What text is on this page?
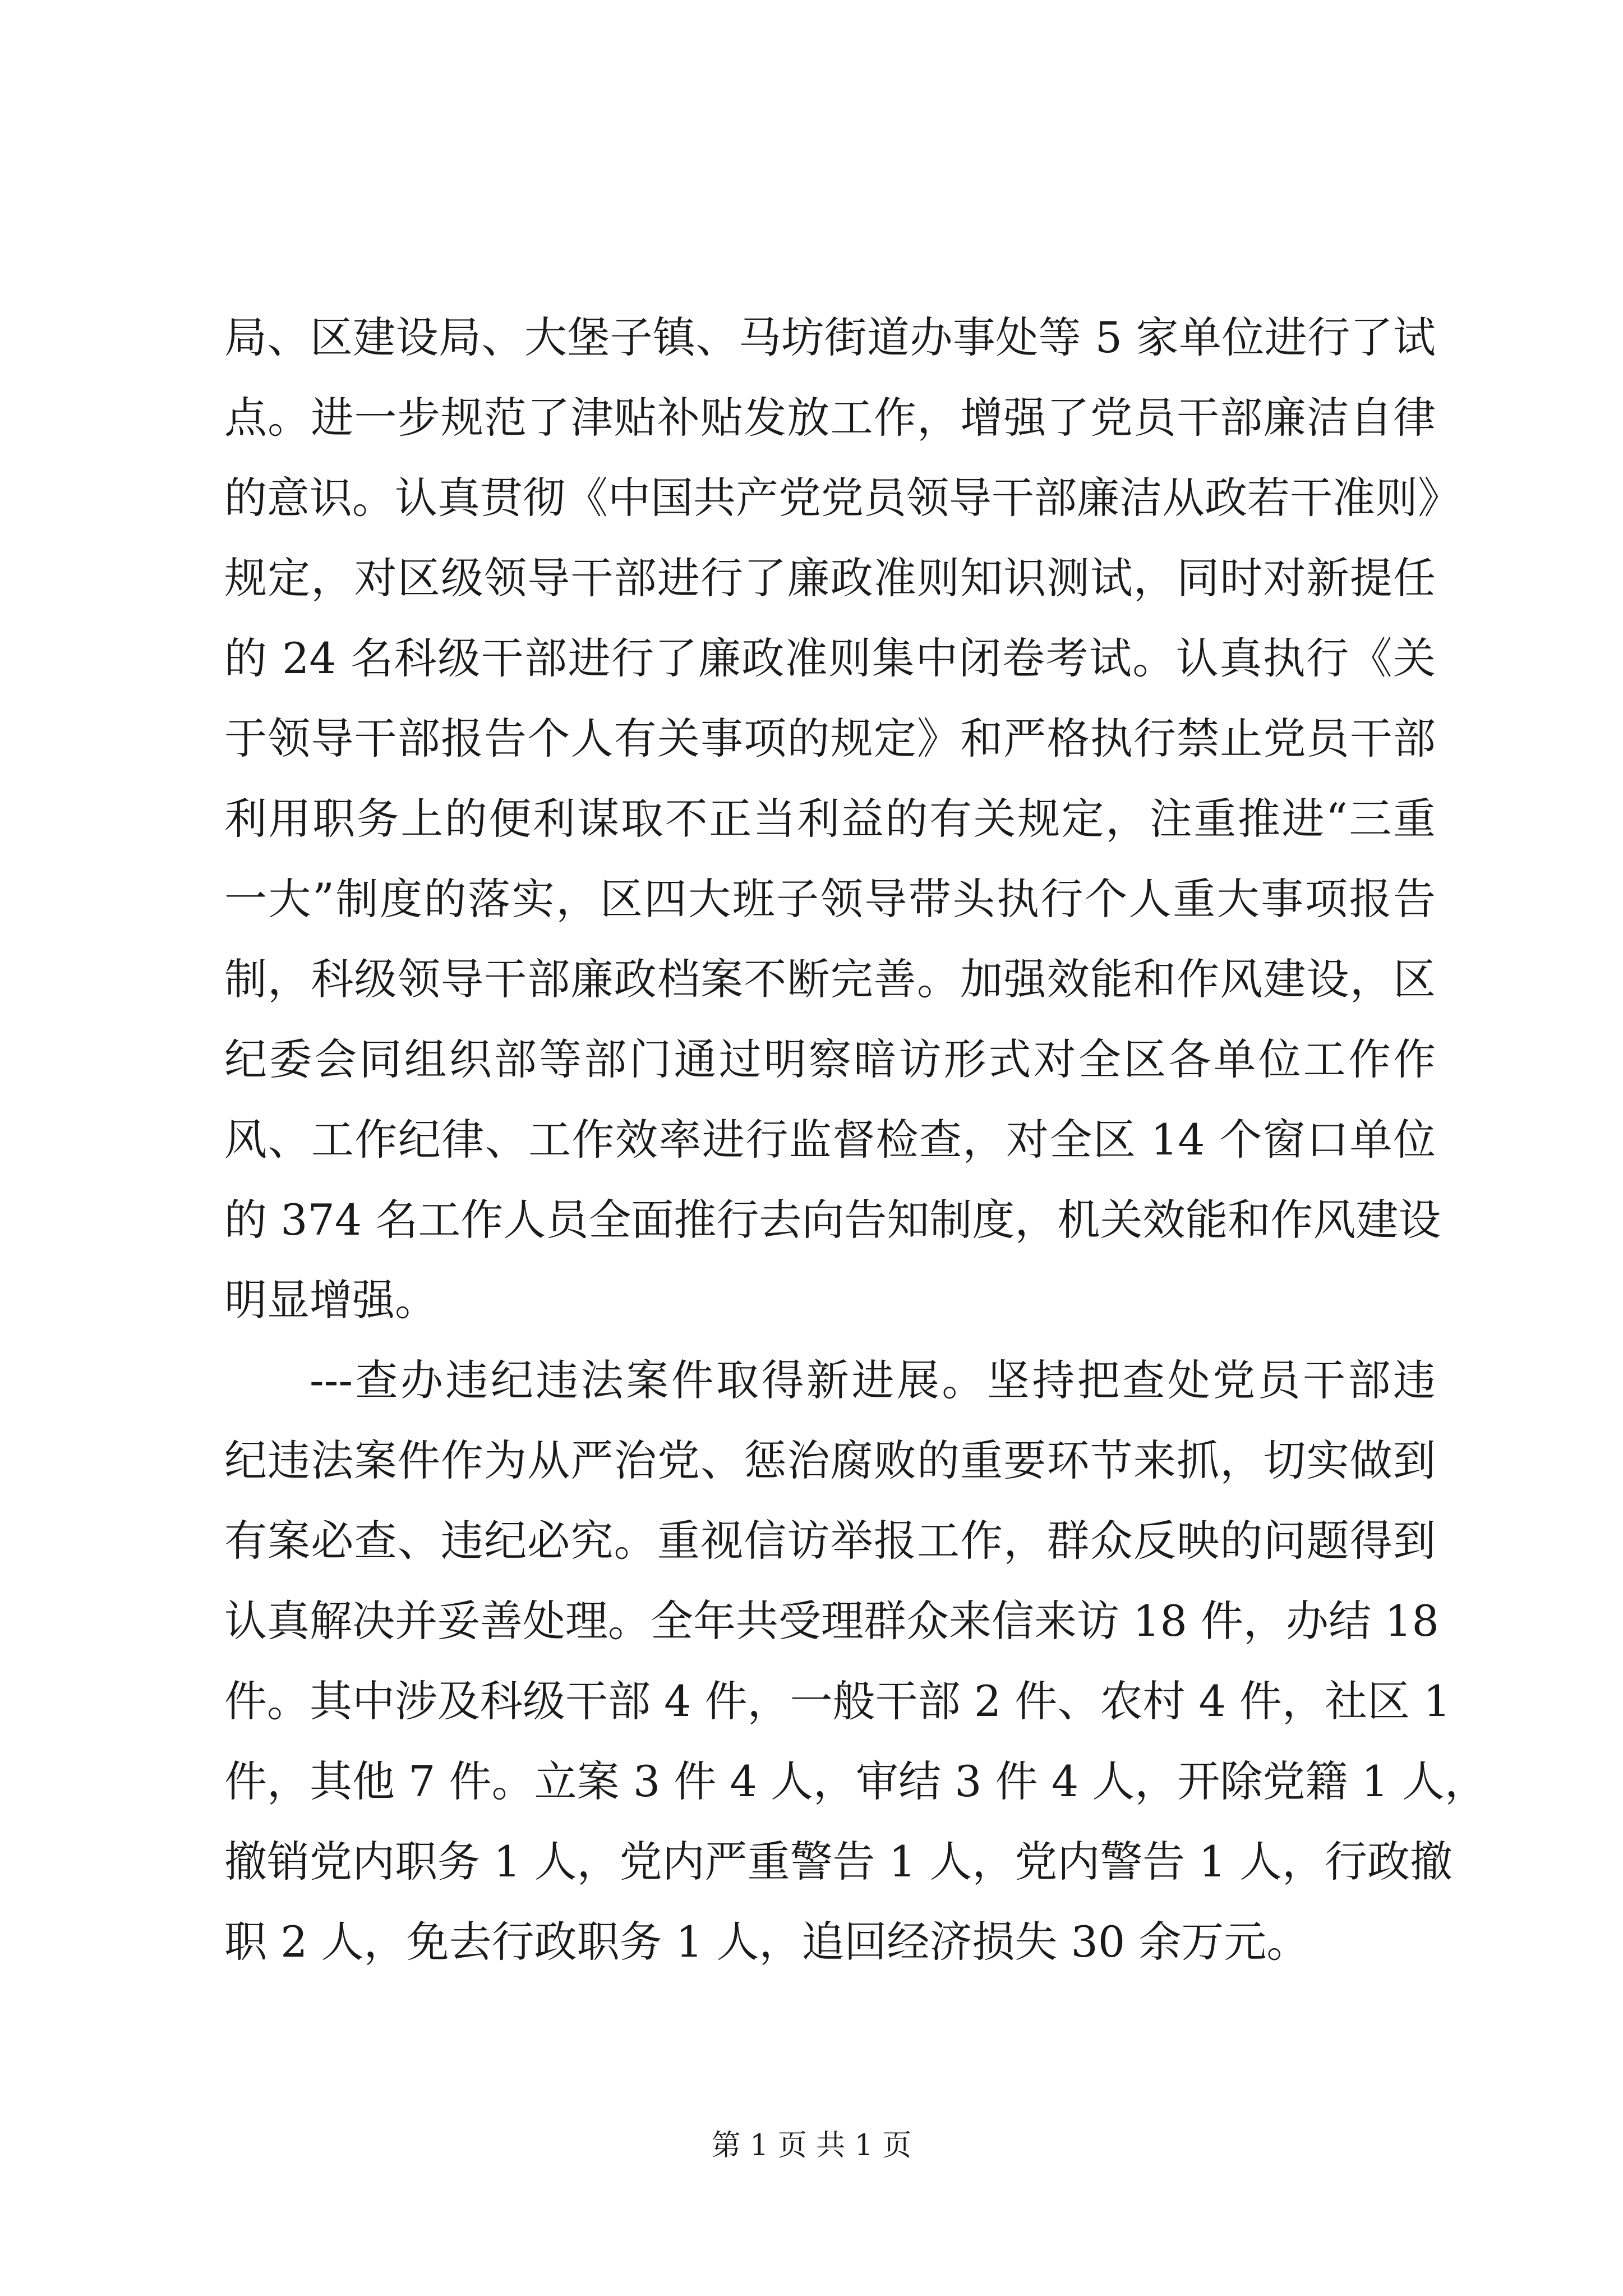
局、区建设局、大堡子镇、马坊街道办事处等 5 家单位进行了试
点。进一步规范了津贴补贴发放工作，增强了党员干部廉洁自律
的意识。认真贯彻《中国共产党党员领导干部廉洁从政若干准则》
规定，对区级领导干部进行了廉政准则知识测试，同时对新提任
的 24 名科级干部进行了廉政准则集中闭卷考试。认真执行《关
于领导干部报告个人有关事项的规定》和严格执行禁止党员干部
利用职务上的便利谋取不正当利益的有关规定，注重推进“三重
一大”制度的落实，区四大班子领导带头执行个人重大事项报告
制，科级领导干部廉政档案不断完善。加强效能和作风建设，区
纪委会同组织部等部门通过明察暗访形式对全区各单位工作作
风、工作纪律、工作效率进行监督检查，对全区 14 个窗口单位
的 374 名工作人员全面推行去向告知制度，机关效能和作风建设
明显增强。
---查办违纪违法案件取得新进展。坚持把查处党员干部违
纪违法案件作为从严治党、惩治腐败的重要环节来抓，切实做到
有案必查、违纪必究。重视信访举报工作，群众反映的问题得到
认真解决并妥善处理。全年共受理群众来信来访 18 件，办结 18
件。其中涉及科级干部 4 件，一般干部 2 件、农村 4 件，社区 1
件，其他 7 件。立案 3 件 4 人，审结 3 件 4 人，开除党籍 1 人，
撤销党内职务 1 人，党内严重警告 1 人，党内警告 1 人，行政撤
职 2 人，免去行政职务 1 人，追回经济损失 30 余万元。
第 1 页 共 1 页
